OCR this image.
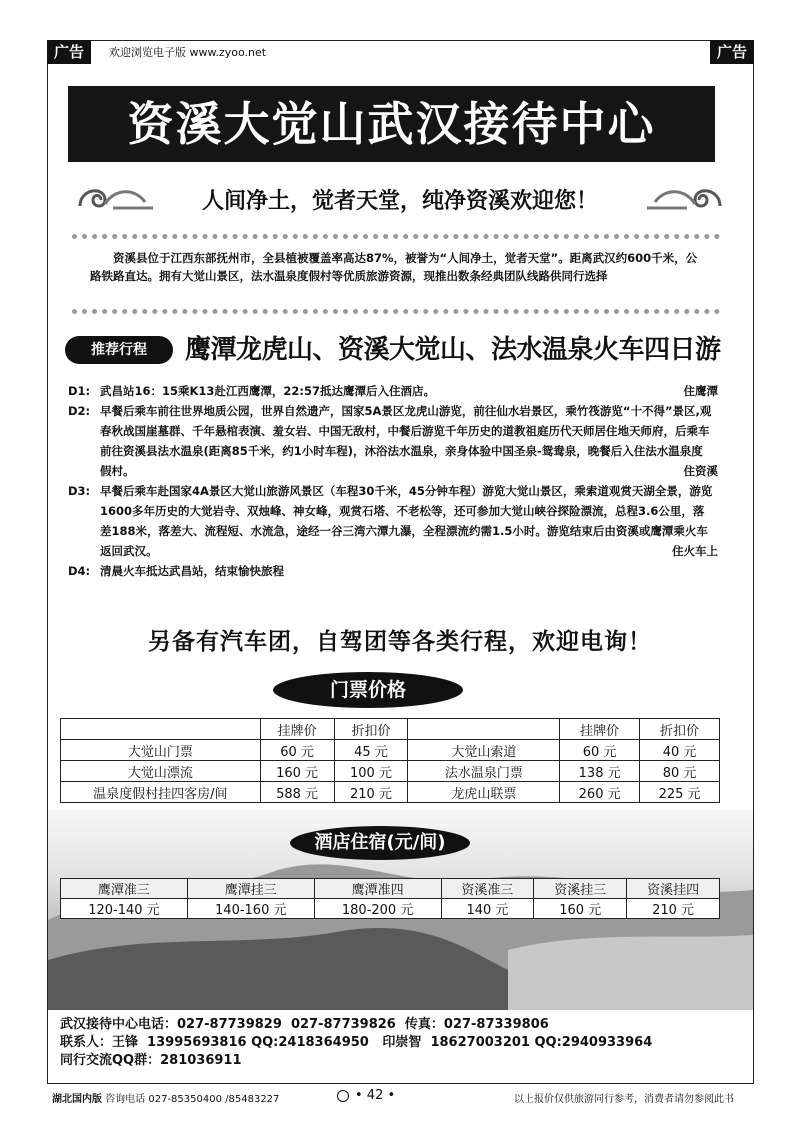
广告	欢迎浏览电子版 www.zyoo.net	广告
资溪大觉山武汉接待中心
人间净土，觉者天堂，纯净资溪欢迎您！
资溪县位于江西东部抚州市，全县植被覆盖率高达87%，被誉为“人间净土，觉者天堂”。距离武汉约600千米，公路铁路直达。拥有大觉山景区，法水温泉度假村等优质旅游资源，现推出数条经典团队线路供同行选择
推荐行程	鹰潭龙虎山、资溪大觉山、法水温泉火车四日游
D1: 武昌站16：15乘K13赴江西鹰潭，22:57抵达鹰潭后入住酒店。	住鹰潭
D2: 早餐后乘车前往世界地质公园，世界自然遗产，国家5A景区龙虎山游览，前往仙水岩景区，乘竹筏游览“十不得”景区,观春秋战国崖墓群、千年悬棺表演、羞女岩、中国无敌村，中餐后游览千年历史的道教祖庭历代天师居住地天师府，后乘车前往资溪县法水温泉(距离85千米，约1小时车程)，沐浴法水温泉，亲身体验中国圣泉-鸳鸯泉，晚餐后入住法水温泉度假村。	住资溪
D3: 早餐后乘车赴国家4A景区大觉山旅游风景区（车程30千米，45分钟车程）游览大觉山景区，乘索道观赏天湖全景，游览1600多年历史的大觉岩寺、双烛峰、神女峰，观赏石塔、不老松等，还可参加大觉山峡谷探险漂流，总程3.6公里，落差188米，落差大、流程短、水流急，途经一谷三湾六潭九瀑，全程漂流约需1.5小时。游览结束后由资溪或鹰潭乘火车返回武汉。	住火车上
D4: 清晨火车抵达武昌站，结束愉快旅程
另备有汽车团，自驾团等各类行程，欢迎电询！
门票价格
	挂牌价	折扣价		挂牌价	折扣价
大觉山门票	60 元	45 元	大觉山索道	60 元	40 元
大觉山漂流	160 元	100 元	法水温泉门票	138 元	80 元
温泉度假村挂四客房/间	588 元	210 元	龙虎山联票	260 元	225 元
酒店住宿(元/间)
鹰潭准三	鹰潭挂三	鹰潭准四	资溪准三	资溪挂三	资溪挂四
120-140 元	140-160 元	180-200 元	140 元	160 元	210 元
武汉接待中心电话：027-87739829  027-87739826  传真：027-87339806
联系人：王锋  13995693816 QQ:2418364950   印崇智  18627003201 QQ:2940933964
同行交流QQ群：281036911
湖北国内版 咨询电话 027-85350400 /85483227	• 42 •	以上报价仅供旅游同行参考，消费者请勿参阅此书
